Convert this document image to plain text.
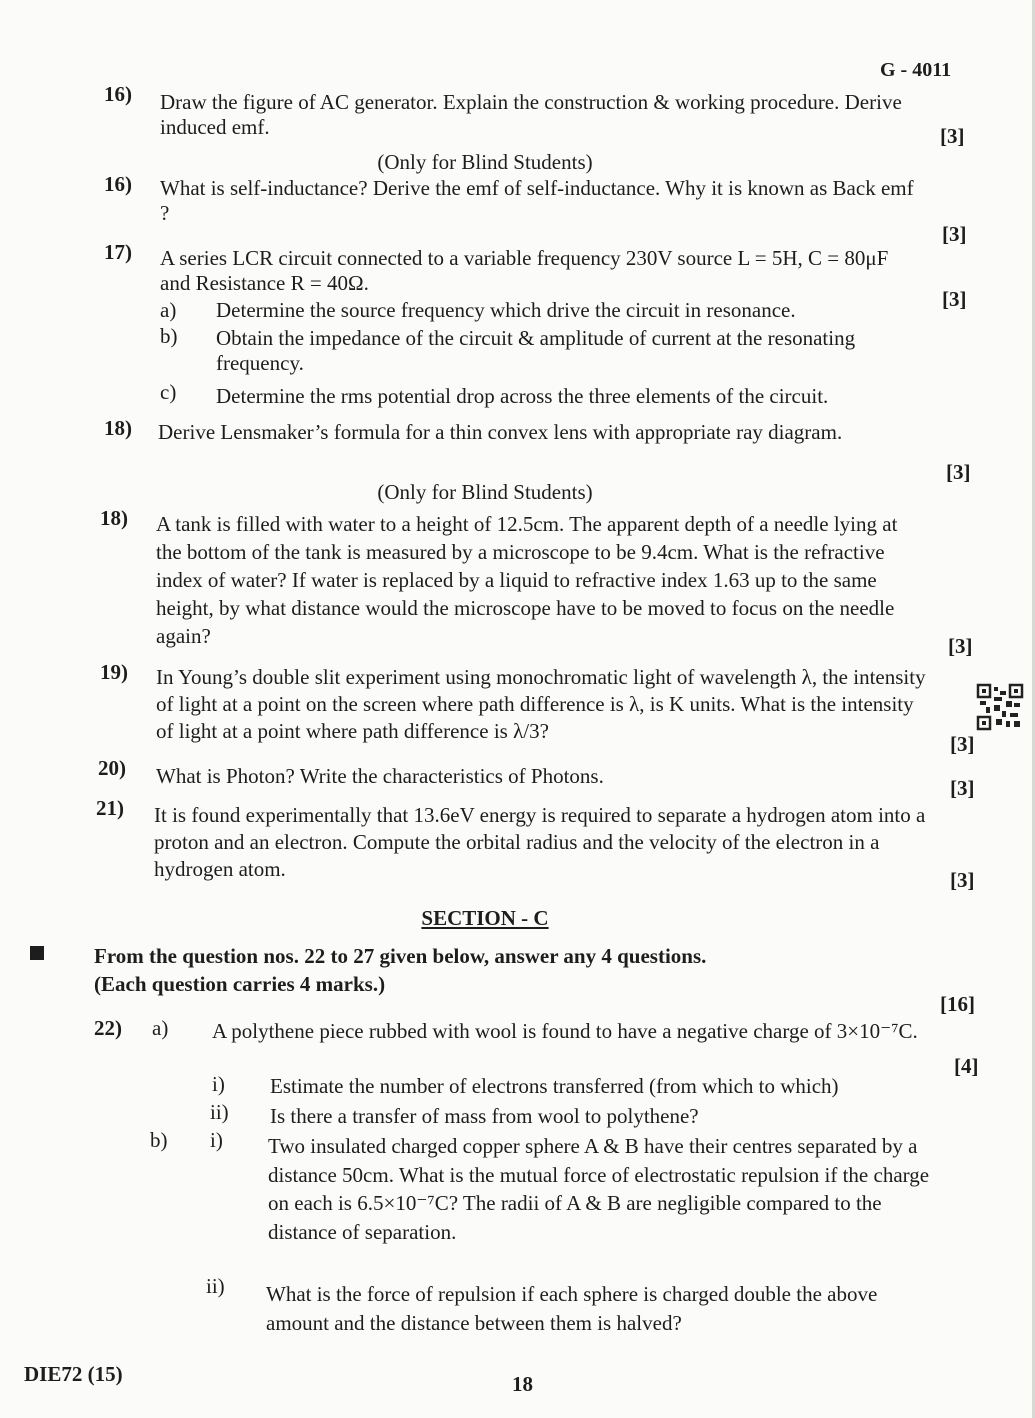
G - 4011
16) Draw the figure of AC generator. Explain the construction & working procedure. Derive induced emf.	[3]
(Only for Blind Students)
16) What is self-inductance? Derive the emf of self-inductance. Why it is known as Back emf ?
[3]
17) A series LCR circuit connected to a variable frequency 230V source L = 5H, C = 80μF and Resistance R = 40Ω.
[3]
a) Determine the source frequency which drive the circuit in resonance.
b) Obtain the impedance of the circuit & amplitude of current at the resonating frequency.
c) Determine the rms potential drop across the three elements of the circuit.
18) Derive Lensmaker’s formula for a thin convex lens with appropriate ray diagram.
[3]
(Only for Blind Students)
18) A tank is filled with water to a height of 12.5cm. The apparent depth of a needle lying at the bottom of the tank is measured by a microscope to be 9.4cm. What is the refractive index of water? If water is replaced by a liquid to refractive index 1.63 up to the same height, by what distance would the microscope have to be moved to focus on the needle again?	[3]
19) In Young’s double slit experiment using monochromatic light of wavelength λ, the intensity of light at a point on the screen where path difference is λ, is K units. What is the intensity of light at a point where path difference is λ/3?
[3]
20) What is Photon? Write the characteristics of Photons.	[3]
21) It is found experimentally that 13.6eV energy is required to separate a hydrogen atom into a proton and an electron. Compute the orbital radius and the velocity of the electron in a hydrogen atom.	[3]
SECTION - C
From the question nos. 22 to 27 given below, answer any 4 questions.
(Each question carries 4 marks.)
[16]
22) a) A polythene piece rubbed with wool is found to have a negative charge of 3×10⁻⁷C.
[4]
i) Estimate the number of electrons transferred (from which to which)
ii) Is there a transfer of mass from wool to polythene?
b) i) Two insulated charged copper sphere A & B have their centres separated by a distance 50cm. What is the mutual force of electrostatic repulsion if the charge on each is 6.5×10⁻⁷C? The radii of A & B are negligible compared to the distance of separation.
ii) What is the force of repulsion if each sphere is charged double the above amount and the distance between them is halved?
DIE72 (15)	18
